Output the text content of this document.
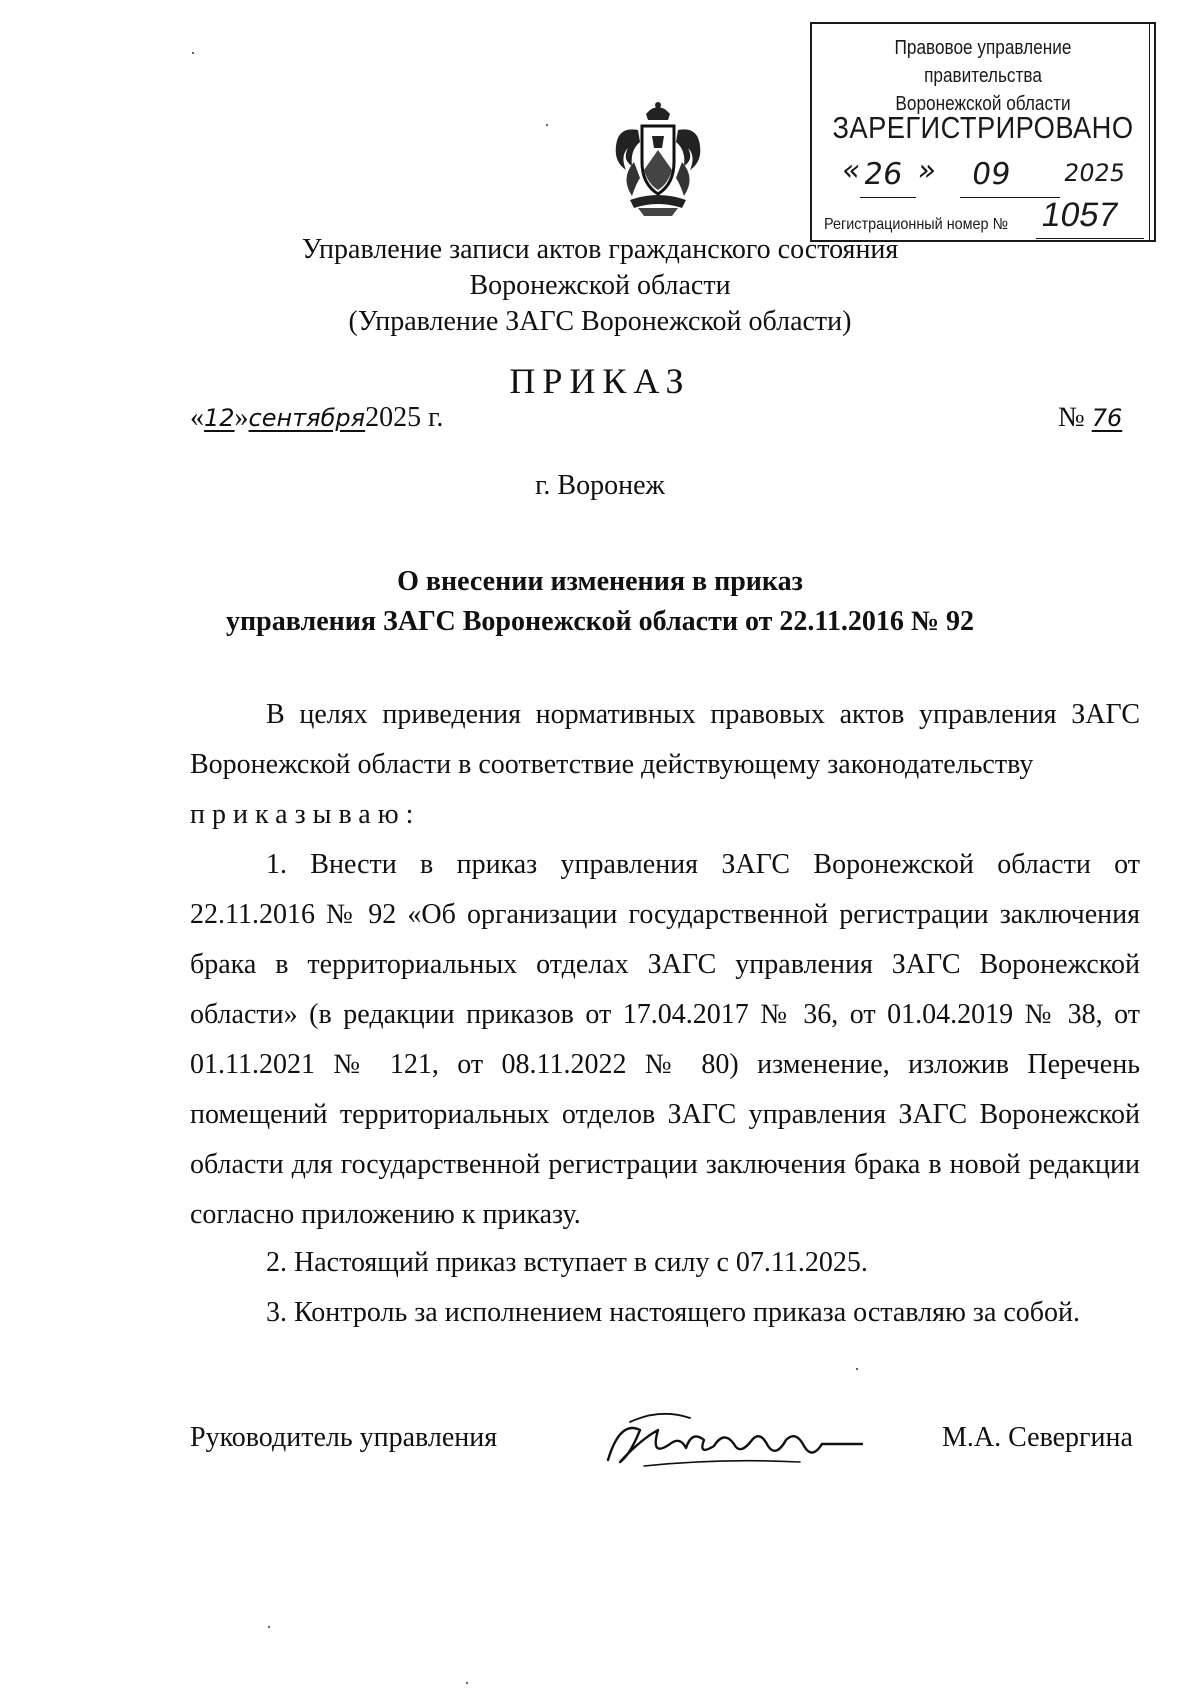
Правовое управление правительства
Воронежской области
ЗАРЕГИСТРИРОВАНО
«
26 » 09 2025
Регистрационный номер № 1057
Управление записи актов гражданского состояния
Воронежской области
(Управление ЗАГС Воронежской области)
ПРИКАЗ
«12»сентября2025 г.	№ 76
г. Воронеж
О внесении изменения в приказ
управления ЗАГС Воронежской области от 22.11.2016 № 92
В целях приведения нормативных правовых актов управления ЗАГС Воронежской области в соответствие действующему законодательству
приказываю:
1. Внести в приказ управления ЗАГС Воронежской области от 22.11.2016 № 92 «Об организации государственной регистрации заключения брака в территориальных отделах ЗАГС управления ЗАГС Воронежской области» (в редакции приказов от 17.04.2017 № 36, от 01.04.2019 № 38, от 01.11.2021 № 121, от 08.11.2022 № 80) изменение, изложив Перечень помещений территориальных отделов ЗАГС управления ЗАГС Воронежской области для государственной регистрации заключения брака в новой редакции согласно приложению к приказу.
2. Настоящий приказ вступает в силу с 07.11.2025.
3. Контроль за исполнением настоящего приказа оставляю за собой.
Руководитель управления	М.А. Севергина
